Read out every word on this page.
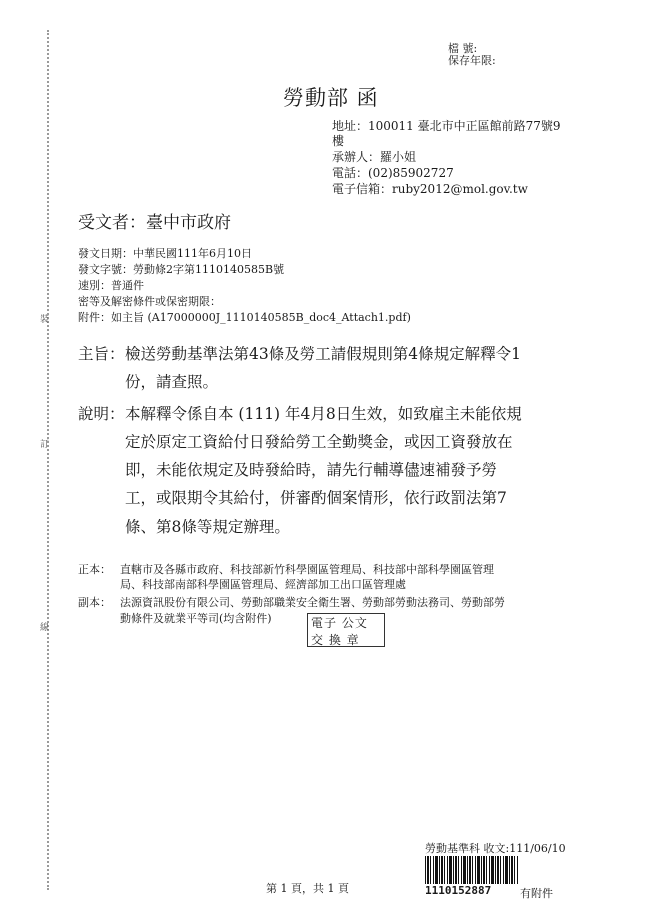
裝
訂
線
檔 號:
保存年限:
勞動部 函
地址：100011 臺北市中正區館前路77號9
樓
承辦人：羅小姐
電話：(02)85902727
電子信箱：ruby2012@mol.gov.tw
受文者：臺中市政府
發文日期：中華民國111年6月10日
發文字號：勞動條2字第1110140585B號
速別：普通件
密等及解密條件或保密期限：
附件：如主旨 (A17000000J_1110140585B_doc4_Attach1.pdf)
主旨： 檢送勞動基準法第43條及勞工請假規則第4條規定解釋令1
份，請查照。
說明： 本解釋令係自本 (111) 年4月8日生效，如致雇主未能依規
定於原定工資給付日發給勞工全勤獎金，或因工資發放在
即，未能依規定及時發給時，請先行輔導儘速補發予勞
工，或限期令其給付，併審酌個案情形，依行政罰法第7
條、第8條等規定辦理。
正本： 直轄市及各縣市政府、科技部新竹科學園區管理局、科技部中部科學園區管理
局、科技部南部科學園區管理局、經濟部加工出口區管理處
副本： 法源資訊股份有限公司、勞動部職業安全衛生署、勞動部勞動法務司、勞動部勞
動條件及就業平等司(均含附件)	電子 公文
交 換 章
第 1 頁，共 1 頁
勞動基準科 收文:111/06/10
1110152887	有附件
